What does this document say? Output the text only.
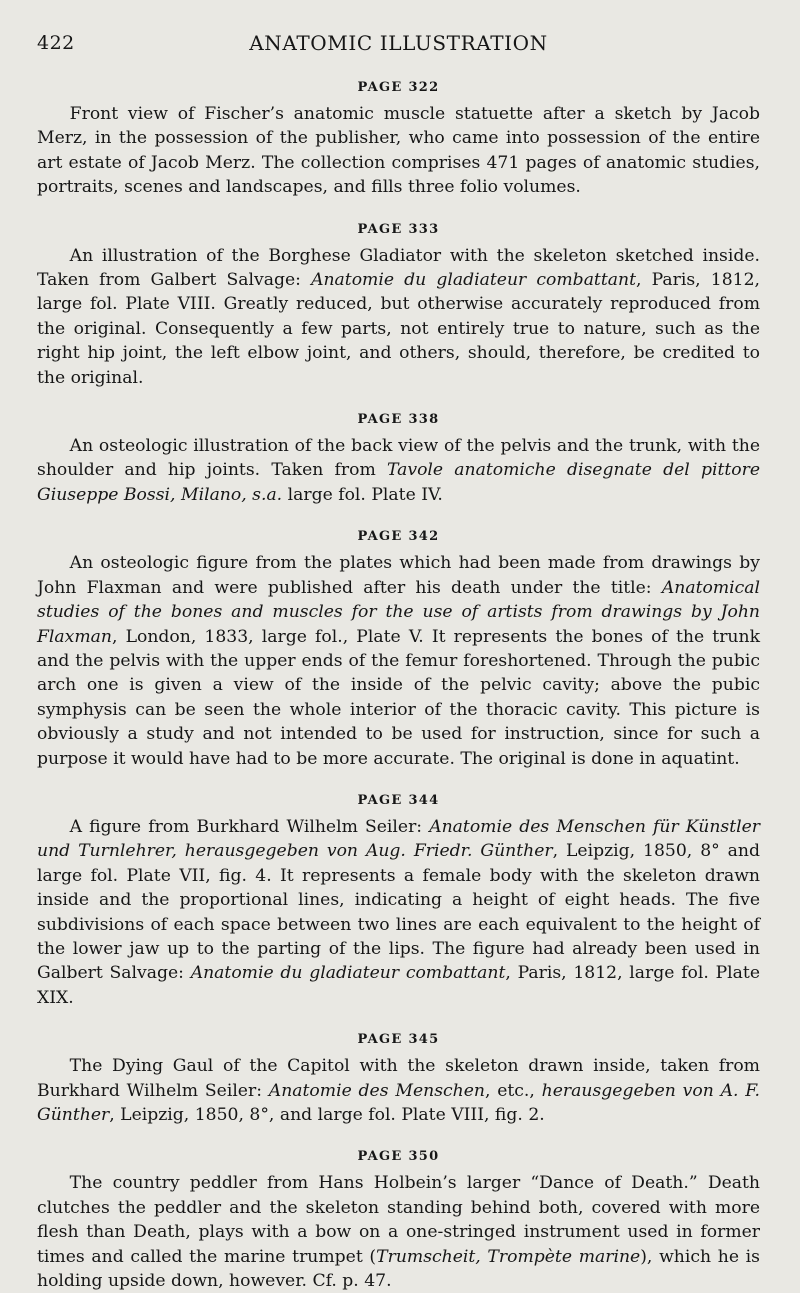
422	ANATOMIC ILLUSTRATION
PAGE 322

Front view of Fischer’s anatomic muscle statuette after a sketch by Jacob Merz, in the possession of the publisher, who came into possession of the entire art estate of Jacob Merz. The collection comprises 471 pages of anatomic studies, portraits, scenes and landscapes, and fills three folio volumes.

PAGE 333

An illustration of the Borghese Gladiator with the skeleton sketched inside. Taken from Galbert Salvage: Anatomie du gladiateur combattant, Paris, 1812, large fol. Plate VIII. Greatly reduced, but otherwise accurately reproduced from the original. Consequently a few parts, not entirely true to nature, such as the right hip joint, the left elbow joint, and others, should, therefore, be credited to the original.

PAGE 338

An osteologic illustration of the back view of the pelvis and the trunk, with the shoulder and hip joints. Taken from Tavole anatomiche disegnate del pittore Giuseppe Bossi, Milano, s.a. large fol. Plate IV.

PAGE 342

An osteologic figure from the plates which had been made from drawings by John Flaxman and were published after his death under the title: Anatomical studies of the bones and muscles for the use of artists from drawings by John Flaxman, London, 1833, large fol., Plate V. It represents the bones of the trunk and the pelvis with the upper ends of the femur foreshortened. Through the pubic arch one is given a view of the inside of the pelvic cavity; above the pubic symphysis can be seen the whole interior of the thoracic cavity. This picture is obviously a study and not intended to be used for instruction, since for such a purpose it would have had to be more accurate. The original is done in aquatint.

PAGE 344

A figure from Burkhard Wilhelm Seiler: Anatomie des Menschen für Künstler und Turnlehrer, herausgegeben von Aug. Friedr. Günther, Leipzig, 1850, 8° and large fol. Plate VII, fig. 4. It represents a female body with the skeleton drawn inside and the proportional lines, indicating a height of eight heads. The five subdivisions of each space between two lines are each equivalent to the height of the lower jaw up to the parting of the lips. The figure had already been used in Galbert Salvage: Anatomie du gladiateur combattant, Paris, 1812, large fol. Plate XIX.

PAGE 345

The Dying Gaul of the Capitol with the skeleton drawn inside, taken from Burkhard Wilhelm Seiler: Anatomie des Menschen, etc., herausgegeben von A. F. Günther, Leipzig, 1850, 8°, and large fol. Plate VIII, fig. 2.

PAGE 350

The country peddler from Hans Holbein’s larger “Dance of Death.” Death clutches the peddler and the skeleton standing behind both, covered with more flesh than Death, plays with a bow on a one-stringed instrument used in former times and called the marine trumpet (Trumscheit, Trompète marine), which he is holding upside down, however. Cf. p. 47.
